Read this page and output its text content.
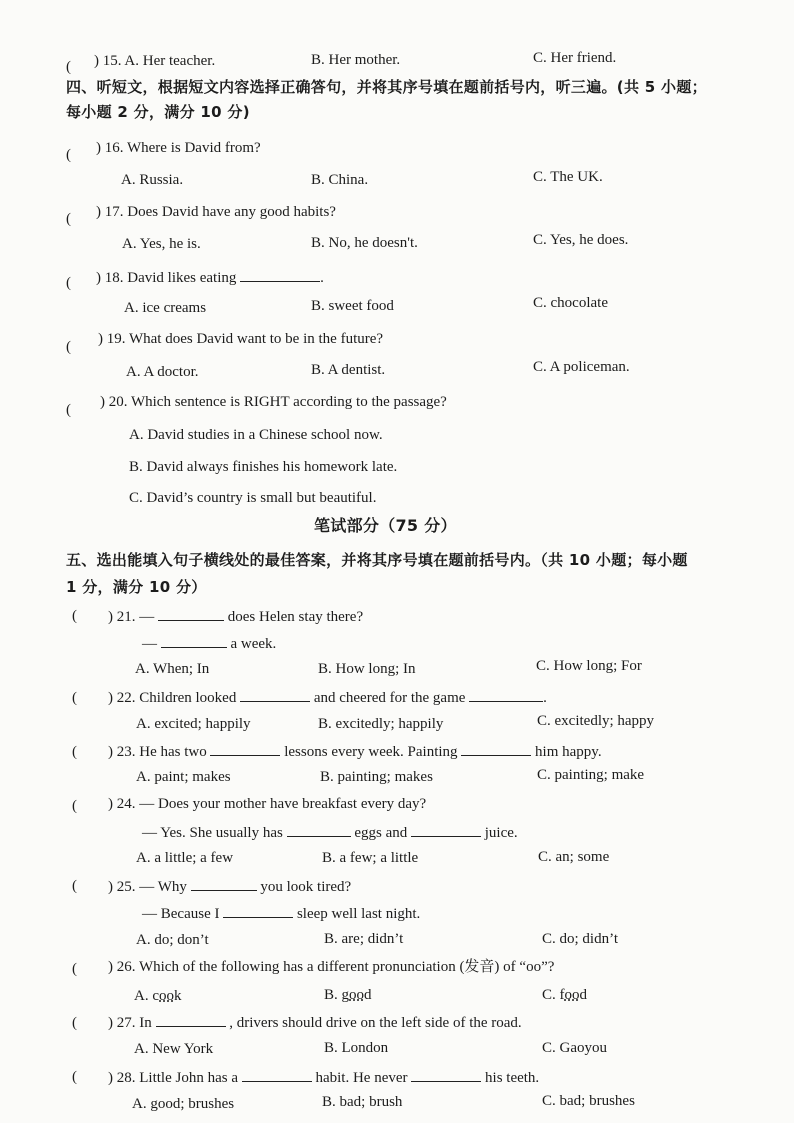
( ) 15. A. Her teacher.	B. Her mother.	C. Her friend.
四、听短文，根据短文内容选择正确答句，并将其序号填在题前括号内，听三遍。(共 5 小题；
每小题 2 分，满分 10 分)
( ) 16. Where is David from?
A. Russia.	B. China.	C. The UK.
( ) 17. Does David have any good habits?
A. Yes, he is.	B. No, he doesn't.	C. Yes, he does.
( ) 18. David likes eating	.
A. ice creams	B. sweet food	C. chocolate
( ) 19. What does David want to be in the future?
A. A doctor.	B. A dentist.	C. A policeman.
( ) 20. Which sentence is RIGHT according to the passage?
A. David studies in a Chinese school now.
B. David always finishes his homework late.
C. David’s country is small but beautiful.
笔试部分（75 分）
五、选出能填入句子横线处的最佳答案，并将其序号填在题前括号内。（共 10 小题；每小题
1 分，满分 10 分）
( ) 21. —	does Helen stay there?
—	a week.
A. When; In	B. How long; In	C. How long; For
( ) 22. Children looked	and cheered for the game	.
A. excited; happily	B. excitedly; happily	C. excitedly; happy
( ) 23. He has two	lessons every week. Painting	him happy.
A. paint; makes	B. painting; makes	C. painting; make
( ) 24. — Does your mother have breakfast every day?
— Yes. She usually has	eggs and	juice.
A. a little; a few	B. a few; a little	C. an; some
( ) 25. — Why	you look tired?
— Because I	sleep well last night.
A. do; don’t	B. are; didn’t	C. do; didn’t
( ) 26. Which of the following has a different pronunciation (发音) of “oo”?
A. cook	B. good	C. food
( ) 27. In	, drivers should drive on the left side of the road.
A. New York	B. London	C. Gaoyou
( ) 28. Little John has a	habit. He never	his teeth.
A. good; brushes	B. bad; brush	C. bad; brushes
